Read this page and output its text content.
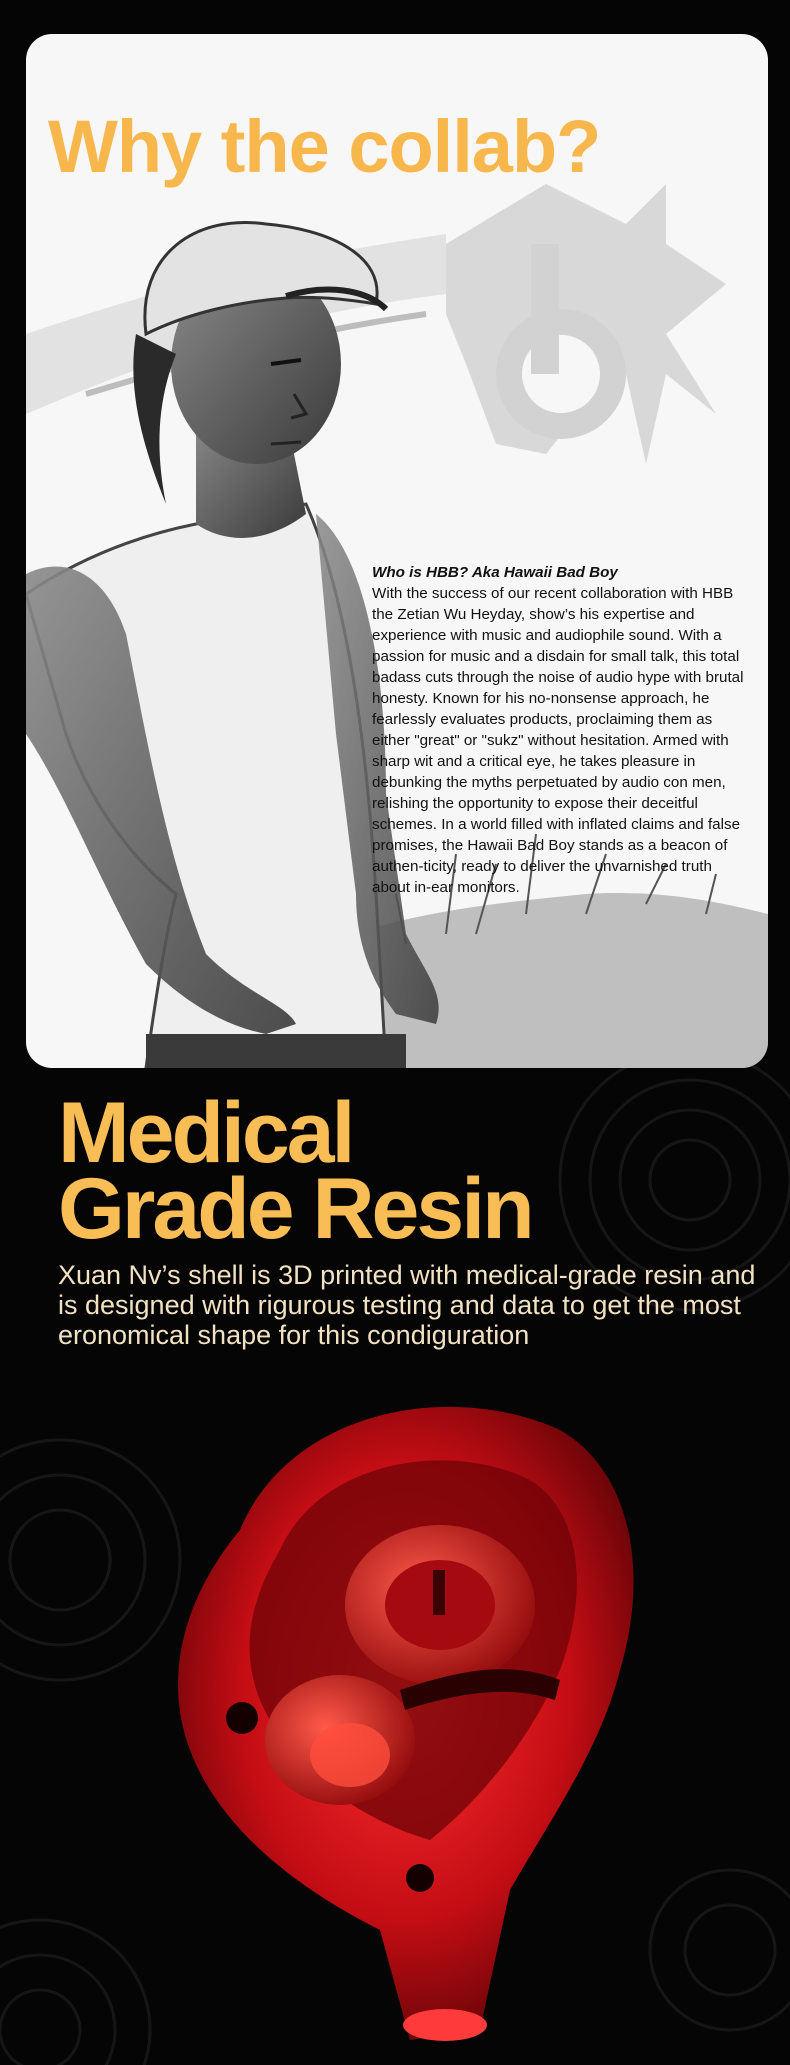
Why the collab?
Who is HBB? Aka Hawaii Bad Boy
With the success of our recent collaboration with HBB the Zetian Wu Heyday, show’s his expertise and experience with music and audiophile sound. With a passion for music and a disdain for small talk, this total badass cuts through the noise of audio hype with brutal honesty. Known for his no-nonsense approach, he fearlessly evaluates products, proclaiming them as either "great" or "sukz" without hesitation. Armed with sharp wit and a critical eye, he takes pleasure in debunking the myths perpetuated by audio con men, relishing the opportunity to expose their deceitful schemes. In a world filled with inflated claims and false promises, the Hawaii Bad Boy stands as a beacon of authen-ticity, ready to deliver the unvarnished truth about in-ear monitors.
Medical
Grade Resin

Xuan Nv’s shell is 3D printed with medical-grade resin and is designed with rigurous testing and data to get the most eronomical shape for this condiguration
